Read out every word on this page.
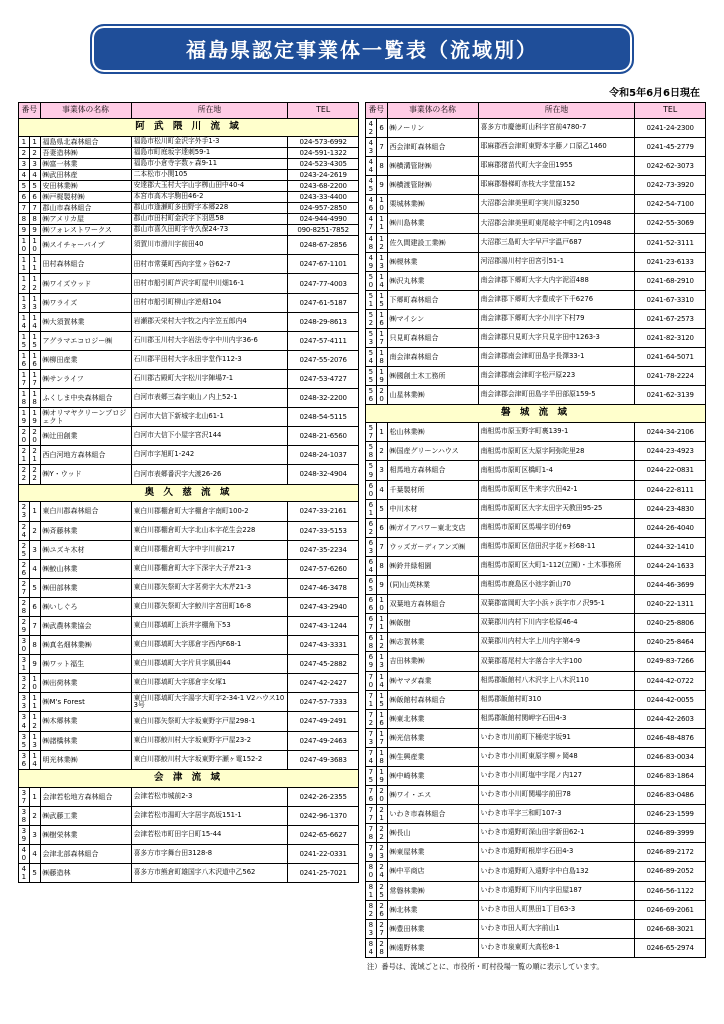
福島県認定事業体一覧表（流域別）
令和5年6月6日現在
番号		事業体の名称	所在地	TEL
阿 武 隈 川 流 域				
1	1	福島県北森林組合	福島市松川町金沢字外手1-3	024-573-6992
2	2	吾妻造林㈱	福島市町庭坂字達刺59-1	024-591-1322
3	3	㈱富一林業	福島市小倉寺字数ヶ森9-11	024-523-4305
4	4	㈱武田林産	二本松市小関105	0243-24-2619
5	5	安田林業㈱	安達郡大玉村大字山字栁山田中40-4	0243-68-2200
6	6	㈱戸梶製材㈱	本宮市高木字駒田46-2	0243-33-4400
7	7	郡山市森林組合	郡山市逢瀬町多田野字本郷228	024-957-2850
8	8	㈱アメリカ屋	郡山市田村町金沢字下羽恩58	024-944-4990
9	9	㈱フォレストワークス	郡山市喜久田町字寺久保24-73	090-8251-7852
10	10	㈱スイチャーパイプ	須賀川市滑川字前田40	0248-67-2856
11	11	田村森林組合	田村市常葉町西向字堂ヶ谷62-7	0247-67-1101
12	12	㈱ワイズウッド	田村市船引町芦沢字町屋中川畑16-1	0247-77-4003
13	13	㈱ワライズ	田村市船引町柳山字逆畑104	0247-61-5187
14	14	㈱大須賀林業	岩瀬郡天栄村大字牧之内字笠五郎内4	0248-29-8613
15	15	アグラマエコロジー㈱	石川郡玉川村大字岩法寺字中川内字36-6	0247-57-4111
16	16	㈱柳田産業	石川郡平田村大字永田字堂作112-3	0247-55-2076
17	17	㈱サンライフ	石川郡古殿町大字松川字陣場7-1	0247-53-4727
18	18	ふくしま中央森林組合	白河市表郷三森字東山ノ内上52-1	0248-32-2200
19	19	㈱オリマヤクリーンプロジェクト	白河市大信下新城字北山61-1	0248-54-5115
20	20	㈱辻田創業	白河市大信下小屋字宮沢144	0248-21-6560
21	21	西白河地方森林組合	白河市字旭町1-242	0248-24-1037
22	22	㈱Y・ウッド	白河市表郷番沢字大渡26-26	0248-32-4904
奥 久 慈 流 域				
23	1	東白川郡森林組合	東白川郡棚倉町大字棚倉字南町100-2	0247-33-2161
24	2	㈱斉藤林業	東白川郡棚倉町大字北山本字花生会228	0247-33-5153
25	3	㈱ユズキ木材	東白川郡棚倉町大字中字川前217	0247-35-2234
26	4	㈱鮫山林業	東白川郡棚倉町大字下深字大子芹21-3	0247-57-6260
27	5	㈱田部林業	東白川郡矢祭町大字茗荷字大木芹21-3	0247-46-3478
28	6	㈱いしぐろ	東白川郡矢祭町大字鮫川字宮田町16-8	0247-43-2940
29	7	㈱武農林業協会	東白川郡塙町上浜井字棚角下53	0247-43-1244
30	8	㈱真名畑林業㈱	東白川郡塙町大字那倉字西内F68-1	0247-43-3331
31	9	㈱ワット福生	東白川郡塙町大字片貝字風田44	0247-45-2882
32	10	㈱出荷林業	東白川郡塙町大字那倉字女塚1	0247-42-2427
33	11	㈱M's Forest	東白川郡塙町大字湯字大町字2-34-1 V2ハウス103号	0247-57-7333
34	12	㈱木郷林業	東白川郡矢祭町大字坂東野字戸屋298-1	0247-49-2491
35	13	㈱諸橋林業	東白川郡鮫川村大字坂東野字戸屋23-2	0247-49-2463
36	14	明光林業㈱	東白川郡鮫川村大字坂東野字瀬ヶ電152-2	0247-49-3683
会 津 流 域				
37	1	会津若松地方森林組合	会津若松市城前2-3	0242-26-2355
38	2	㈱武藤工業	会津若松市湯町大字居字高坂151-1	0242-96-1370
39	3	㈱樹栄林業	会津若松市町田字日町15-44	0242-65-6627
40	4	会津北部森林組合	喜多方市字舞台田3128-8	0241-22-0331
41	5	㈱藤造林	喜多方市熊倉町雄国字八木沢道中乙562	0241-25-7021
番号		事業体の名称	所在地	TEL
42	6	㈱ノーリン	喜多方市慶徳町山科字宮前4780-7	0241-24-2300
43	7	西会津町森林組合	耶麻郡西会津町東野本字藤ノ口原乙1460	0241-45-2779
44	8	㈱横溝管財㈱	耶麻郡猪苗代町大字金田1955	0242-62-3073
45	9	㈱横渡管財㈱	耶麻郡磐梯町赤枝大字堂窪152	0242-73-3920
46	10	栗城林業㈱	大沼郡会津美里町字実川原3250	0242-54-7100
47	11	㈱川島林業	大沼郡会津美里町東尾岐字中町之内10948	0242-55-3069
48	12	佐久間建設工業㈱	大沼郡三島町大字早戸字温戸687	0241-52-3111
49	13	㈱榎林業	河沼郡湯川村字田宮引51-1	0241-23-6133
50	14	㈱沢丸林業	南会津郡下郷町大字大内字泥沼488	0241-68-2910
51	15	下郷町森林組合	南会津郡下郷町大字豊成字下千6276	0241-67-3310
52	16	㈱マイシン	南会津郡下郷町大字小川字下村79	0241-67-2573
53	17	只見町森林組合	南会津郡只見町大字只見字田中1263-3	0241-82-3120
54	18	南会津森林組合	南会津郡南会津町田島字長澤33-1	0241-64-5071
55	19	㈱國創土木工務所	南会津郡南会津町字松戸原223	0241-78-2224
56	20	山星林業㈱	南会津郡会津町田島字半田部原159-5	0241-62-3139
磐 城 流 域				
57	1	松山林業㈱	南相馬市原玉野字町裏139-1	0244-34-2106
58	2	㈱国産グリーンハウス	南相馬市原町区大原字阿弥陀里28	0244-23-4923
59	3	相馬地方森林組合	南相馬市原町区橋町1-4	0244-22-0831
60	4	千葉製材所	南相馬市原町区牛来字穴田42-1	0244-22-8111
61	5	中川木材	南相馬市原町区大字太田字天教田95-25	0244-23-4830
62	6	㈱ガイアパワー東北支店	南相馬市原町区馬場字切付69	0244-26-4040
63	7	ウッズガーディアンズ㈱	南相馬市原町区信田沢字花ヶ杉68-11	0244-32-1410
64	8	㈱鈴井緑相園	南相馬市原町区大町1-112(立園)・土木事務所	0244-24-1633
65	9	(同)山英林業	南相馬市鹿島区小池字新山70	0244-46-3699
66	10	双葉地方森林組合	双葉郡富岡町大字小浜ヶ浜字市ノ沢95-1	0240-22-1311
67	11	㈱飯樹	双葉郡川内村下川内字松原46-4	0240-25-8806
68	12	㈱志賀林業	双葉郡川内村大字上川内字第4-9	0240-25-8464
69	13	吉田林業㈱	双葉郡葛尾村大字落合字大字100	0249-83-7266
70	14	㈱ヤマダ森業	相馬郡飯館村八木沢字上八木沢110	0244-42-0722
71	15	㈱飯館村森林組合	相馬郡飯館村町310	0244-42-0055
72	16	㈱東北林業	相馬郡飯館村関岬字石田4-3	0244-42-2603
73	17	㈱光信林業	いわき市川前町下桶売字坂91	0246-48-4876
74	18	㈱生興産業	いわき市小川町東原字柳ヶ岡48	0246-83-0034
75	19	㈱中崎林業	いわき市小川町塩中字尾ノ内127	0246-83-1864
76	20	㈱ワイ・エス	いわき市小川町関場字前田78	0246-83-0486
77	21	いわき市森林組合	いわき市平字三和町107-3	0246-23-1599
78	22	㈱長山	いわき市遠野町深山田字新田62-1	0246-89-3999
79	23	㈱東屋林業	いわき市遠野町根岸字石田4-3	0246-89-2172
80	24	㈱中平商店	いわき市遠野町入遠野字中白島132	0246-89-2052
81	25	常磐林業㈱	いわき市遠野町下川内字田屋187	0246-56-1122
82	26	㈱北林業	いわき市田人町黒田1丁目63-3	0246-69-2061
83	27	㈱豊田林業	いわき市田人町大字前山1	0246-68-3021
84	28	㈱遠野林業	いわき市泉東町大高松8-1	0246-65-2974
注）番号は、流域ごとに、市役所・町村役場一覧の順に表示しています。
